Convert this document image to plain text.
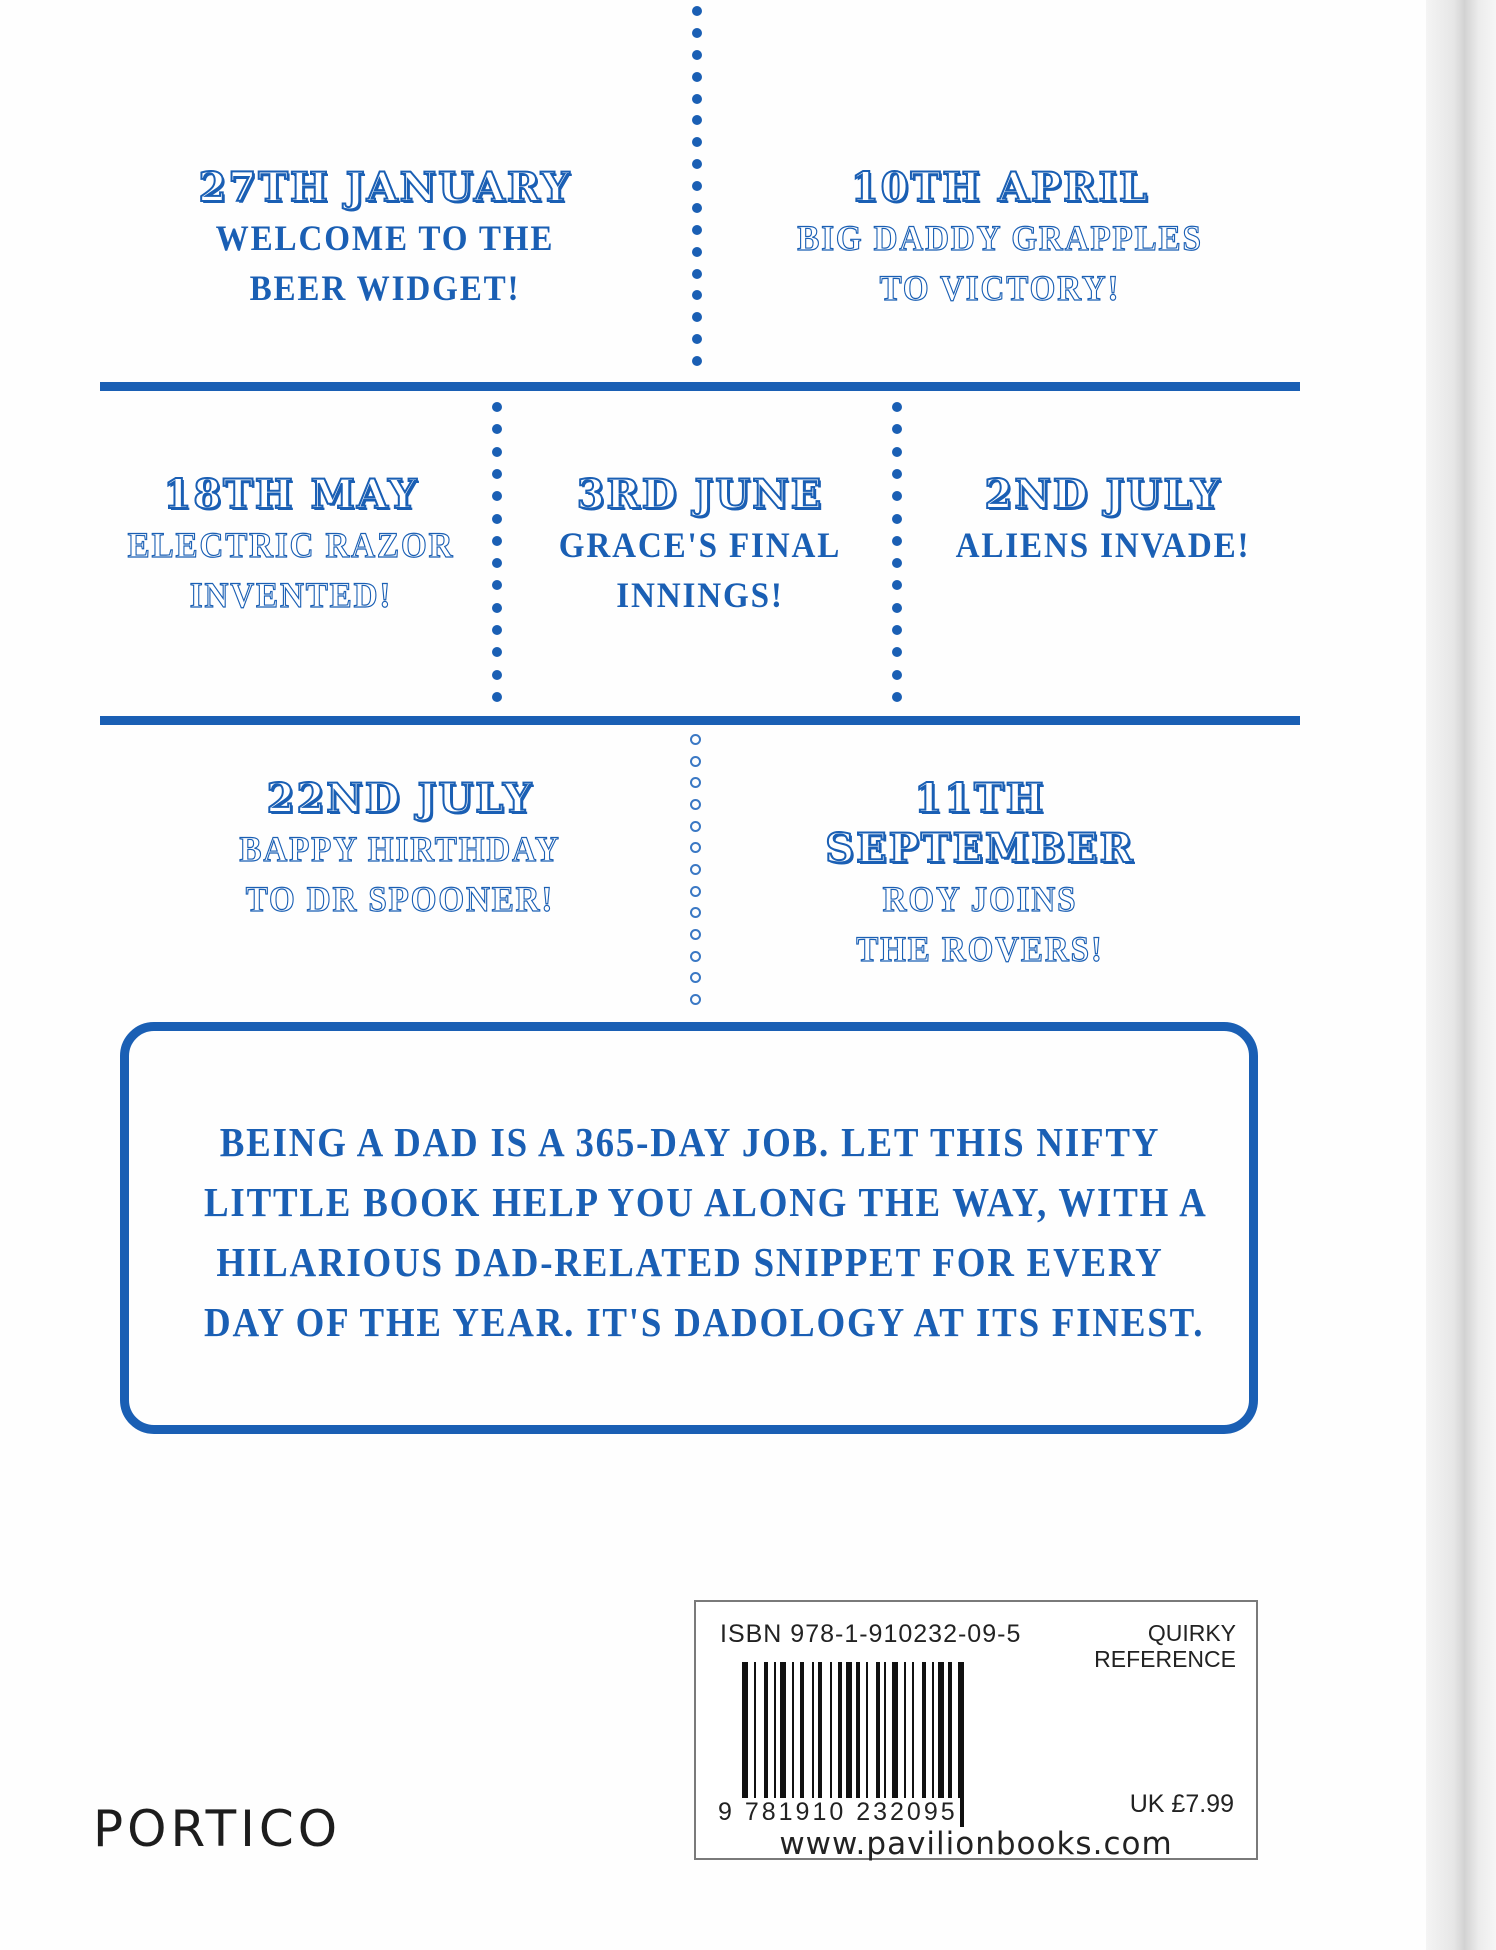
27TH JANUARY
WELCOME TO THE
BEER WIDGET!
10TH APRIL
BIG DADDY GRAPPLES
TO VICTORY!
18TH MAY
ELECTRIC RAZOR
INVENTED!
3RD JUNE
GRACE'S FINAL
INNINGS!
2ND JULY
ALIENS INVADE!
22ND JULY
BAPPY HIRTHDAY
TO DR SPOONER!
11TH SEPTEMBER
ROY JOINS
THE ROVERS!
BEING A DAD IS A 365-DAY JOB. LET THIS NIFTY
LITTLE BOOK HELP YOU ALONG THE WAY, WITH A
HILARIOUS DAD-RELATED SNIPPET FOR EVERY
DAY OF THE YEAR. IT'S DADOLOGY AT ITS FINEST.
PORTICO
ISBN 978-1-910232-09-5	QUIRKY
REFERENCE
9 781910 232095	UK £7.99
www.pavilionbooks.com
